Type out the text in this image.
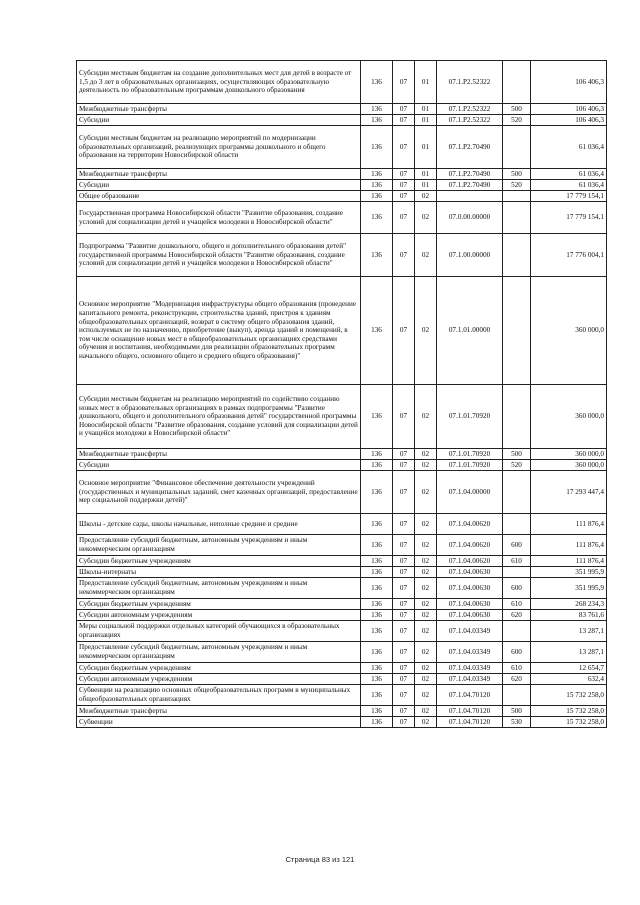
Субсидии местным бюджетам на создание дополнительных мест для детей в возрасте от 1,5 до 3 лет в образовательных организациях, осуществляющих образовательную деятельность по образовательным программам дошкольного образования	136	07	01	07.1.P2.52322		106 406,3
Межбюджетные трансферты	136	07	01	07.1.P2.52322	500	106 406,3
Субсидии	136	07	01	07.1.P2.52322	520	106 406,3
Субсидии местным бюджетам на реализацию мероприятий по модернизации образовательных организаций, реализующих программы дошкольного и общего образования на территории Новосибирской области	136	07	01	07.1.P2.70490		61 036,4
Межбюджетные трансферты	136	07	01	07.1.P2.70490	500	61 036,4
Субсидии	136	07	01	07.1.P2.70490	520	61 036,4
Общее образование	136	07	02			17 779 154,1
Государственная программа Новосибирской области "Развитие образования, создание условий для социализации детей и учащейся молодежи в Новосибирской области"	136	07	02	07.0.00.00000		17 779 154,1
Подпрограмма "Развитие дошкольного, общего и дополнительного образования детей" государственной программы Новосибирской области "Развитие образования, создание условий для социализации детей и учащейся молодежи в Новосибирской области"	136	07	02	07.1.00.00000		17 776 004,1
Основное мероприятие "Модернизация инфраструктуры общего образования (проведение капитального ремонта, реконструкции, строительства зданий, пристроя к зданиям общеобразовательных организаций, возврат в систему общего образования зданий, используемых не по назначению, приобретение (выкуп), аренда зданий и помещений, в том числе оснащение новых мест в общеобразовательных организациях средствами обучения и воспитания, необходимыми для реализации образовательных программ начального общего, основного общего и среднего общего образования)"	136	07	02	07.1.01.00000		360 000,0
Субсидии местным бюджетам на реализацию мероприятий по содействию созданию новых мест в образовательных организациях в рамках подпрограммы "Развитие дошкольного, общего и дополнительного образования детей" государственной программы Новосибирской области "Развитие образования, создание условий для социализации детей и учащейся молодежи в Новосибирской области"	136	07	02	07.1.01.70920		360 000,0
Межбюджетные трансферты	136	07	02	07.1.01.70920	500	360 000,0
Субсидии	136	07	02	07.1.01.70920	520	360 000,0
Основное мероприятие "Финансовое обеспечение деятельности учреждений (государственных и муниципальных заданий, смет казенных организаций, предоставление мер социальной поддержки детей)"	136	07	02	07.1.04.00000		17 293 447,4
Школы - детские сады, школы начальные, неполные средние и средние	136	07	02	07.1.04.00620		111 876,4
Предоставление субсидий бюджетным, автономным учреждениям и иным некоммерческим организациям	136	07	02	07.1.04.00620	600	111 876,4
Субсидии бюджетным учреждениям	136	07	02	07.1.04.00620	610	111 876,4
Школы-интернаты	136	07	02	07.1.04.00630		351 995,9
Предоставление субсидий бюджетным, автономным учреждениям и иным некоммерческим организациям	136	07	02	07.1.04.00630	600	351 995,9
Субсидии бюджетным учреждениям	136	07	02	07.1.04.00630	610	268 234,3
Субсидии автономным учреждениям	136	07	02	07.1.04.00630	620	83 761,6
Меры социальной поддержки отдельных категорий обучающихся в образовательных организациях	136	07	02	07.1.04.03349		13 287,1
Предоставление субсидий бюджетным, автономным учреждениям и иным некоммерческим организациям	136	07	02	07.1.04.03349	600	13 287,1
Субсидии бюджетным учреждениям	136	07	02	07.1.04.03349	610	12 654,7
Субсидии автономным учреждениям	136	07	02	07.1.04.03349	620	632,4
Субвенции на реализацию основных общеобразовательных программ в муниципальных общеобразовательных организациях	136	07	02	07.1.04.70120		15 732 258,0
Межбюджетные трансферты	136	07	02	07.1.04.70120	500	15 732 258,0
Субвенции	136	07	02	07.1.04.70120	530	15 732 258,0
Страница 83 из 121
